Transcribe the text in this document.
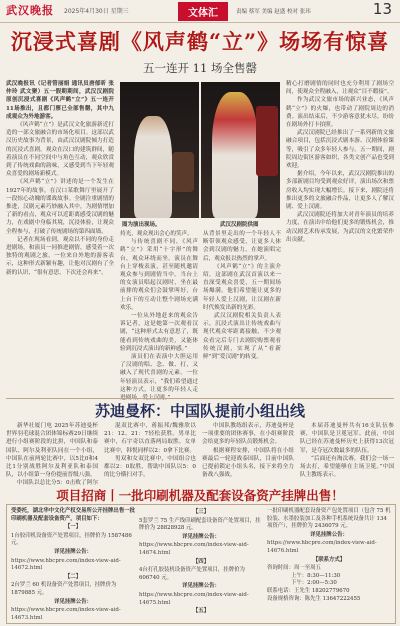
武汉晚报 2025年4月30日 星期三	文体汇	责编 蔡军 美编 赵盛 校对 张玮	13
沉浸式喜剧《风声鹤“立”》场场有惊喜
五一连开 11 场全售罄

武汉晚报讯（记者管丽娟 通讯员唐郁昕 张仲玲 武文聚）五一假期期间，武汉汉剧院原创沉浸式喜剧《风声鹤“立”》五一连开11场推出，且都门票已全部售罄，其中九成观众为外地游客。

《风声鹤“立”》是武汉文化旅游新近打造的一部文旅融合的市场化项目。这部以武汉历史故事为背景，由武汉汉剧院倾力打造的沉浸式喜剧。观众在汉口的建筑群间，随着演员在不同空间中与角色互动，观众欣赏到了传统戏曲的韵味，又感受到当下年轻观众喜爱的剧场新模式。

《风声鹤“立”》讲述的是一个发生在1927年的故事，在汉口某歌舞厅里展开了一段惊心动魄的谍战故事。全剧注重剧情的推进，汉剧元素巧妙融入其中，为剧情增加了新的看点，观众可以近距离感受汉剧的魅力，在戏剧中身临其境，沉浸体验，让观众全程参与，打破了传统剧场的第四面墙。

记者在现场看到，观众以不同的身份走进剧场，和演员一同推进剧情，感受着一次独特的观剧之旅。一位来自外地的游客表示，这种形式新颖有趣，让他对汉剧有了全新的认识，“很有意思，下次还会再来”。

图为演出现场。	武汉汉剧院供图

持光，观众现出会心的笑声。

与传统喜剧不同，《风声鹤“立”》采用“十字形”的舞台，观众环绕而坐。演员在舞台上穿梭表演，甚至随机邀请观众参与到剧情当中。当台上的女演员唱起汉剧时，坐在最前排的观众们会鼓掌叫好，台上台下的互动让整个剧场充满欢乐。

一位从外地赶来的观众告诉记者，这是她第一次观看汉剧，“这种形式太有意思了，既能看到传统戏曲的美，又能体验到沉浸式演出的新鲜感。”

演员们在表演中大胆运用了汉剧的唱、念、做、打，又融入了现代喜剧的元素。一位年轻演员表示，“我们希望通过这种方式，让更多的年轻人走

从背景里走出的一个年轻人不断带领观众感受，让更多人体会到汉剧的魅力。在她演唱完后，观众报以热烈的掌声。

《风声鹤“立”》的主演介绍，这部剧在武汉首演以来一直深受观众喜爱，五一期间场场爆满。他们希望能让更多的年轻人爱上汉剧，让汉剧在新时代焕发出新的光彩。

武汉汉剧院相关负责人表示，沉浸式演出让传统戏曲与现代观众零距离接触，不少观众看完后专门去剧院购票观看传统汉剧，实现了从“看新鲜”到“爱汉剧”的转变。

精心打磨剧情的同时也充分利用了剧场空间，使观众全程融入，让观众“目不暇接”。

作为武汉文旅市场的新兴业态，《风声鹤“立”》的火爆，也带动了剧院周边的消费。演出结束后，不少游客意犹未尽，纷纷在剧场外打卡拍照。

武汉汉剧院已经推出了一系列新的文旅融合项目，包括沉浸式剧本游、汉剧体验课等，吸引了众多年轻人参与。五一期间，剧院周边街区游客如织，各类文创产品也受到欢迎。

据介绍，今年以来，武汉汉剧院推出的多部新剧目均受到观众好评，演出场次和票房收入均实现大幅增长。接下来，剧院还将推出更多的文旅融合作品，让更多人了解汉剧、爱上汉剧。

武汉汉剧院还将加大对青年演员的培养力度，在演出中给他们更多的锻炼机会，推动汉剧艺术传承发展，为武汉的文化繁荣作出贡献。

苏迪曼杯：中国队提前小组出线

新华社厦门电 2025年苏迪曼杯世界羽毛球混合团体锦标赛29日继续进行小组赛阶段的比拼，中国队和泰国队、阿尔及利亚队同在一个小组，中国队在前两轮比赛中，以5比0和4比1分别战胜阿尔及利亚队和泰国队，以小组第一身份提前晋级八强。

中国队以总比分5：0击败了阿尔

混双比赛中，蒋振邦/魏雅欣以21：12、21：7轻松获胜。男单比赛中，石宇奇以直落两局取胜。女单比赛中，韩悦同样以2：0拿下比赛。

男双和女双比赛中，中国组合也都以2：0取胜，帮助中国队以5：0的比分横扫对手。

中国队教练组表示，苏迪曼杯是一项重要的团体赛事，在小组赛阶段会给更多的年轻队员锻炼机会。

根据赛程安排，中国队将在小组赛最后一轮迎战泰国队，目前中国队已提前锁定小组头名，接下来将全力备战八强战。

本届苏迪曼杯共有16支队伍参赛，中国队是卫冕冠军。此前，中国队已经在苏迪曼杯历史上获得13次冠军，是夺冠次数最多的队伍。

“后面还有淘汰赛，我们会一场一场去打，希望能够在主场卫冕。”中国队主教练表示。

项目招商丨一批印刷机器及配套设备资产挂牌出售！
受委托，湖北华中文化产权交易所公开挂牌出售一批印刷机器及配套设备资产，项目如下：
【一】
1台胶印机设备资产处置项目，挂牌价为 1587486 元。
详见挂牌公告：
https://www.hbcpre.com/index-view-aid-14672.html
【二】
2台罗兰 60 机设备资产处置项目，挂牌价为 1879885 元。
详见挂牌公告：
https://www.hbcpre.com/index-view-aid-14673.html
【三】
5套罗兰 75 生产线印刷配套设备资产处置项目，挂牌价为 28828928 元。
详见挂牌公告：
https://www.hbcpre.com/index-view-aid-14674.html
【四】
4台打孔胶装机设备资产处置项目，挂牌价为 606740 元。
详见挂牌公告：
https://www.hbcpre.com/index-view-aid-14675.html
【五】
一批印刷机器配套设备资产包处置项目（包含 75 机胶装、水墨胶装加工及各种手机系统设备共计 134 项资产），挂牌价为 2436079 元。
详见挂牌公告：
https://www.hbcpre.com/index-view-aid-14676.html
【联系方式】
咨询时间：周一至周五
上午：8:30—11:30
下午：2:00—5:30
联系电话：王先生 18202779670
设备规格咨询：陈先生 13647222455
